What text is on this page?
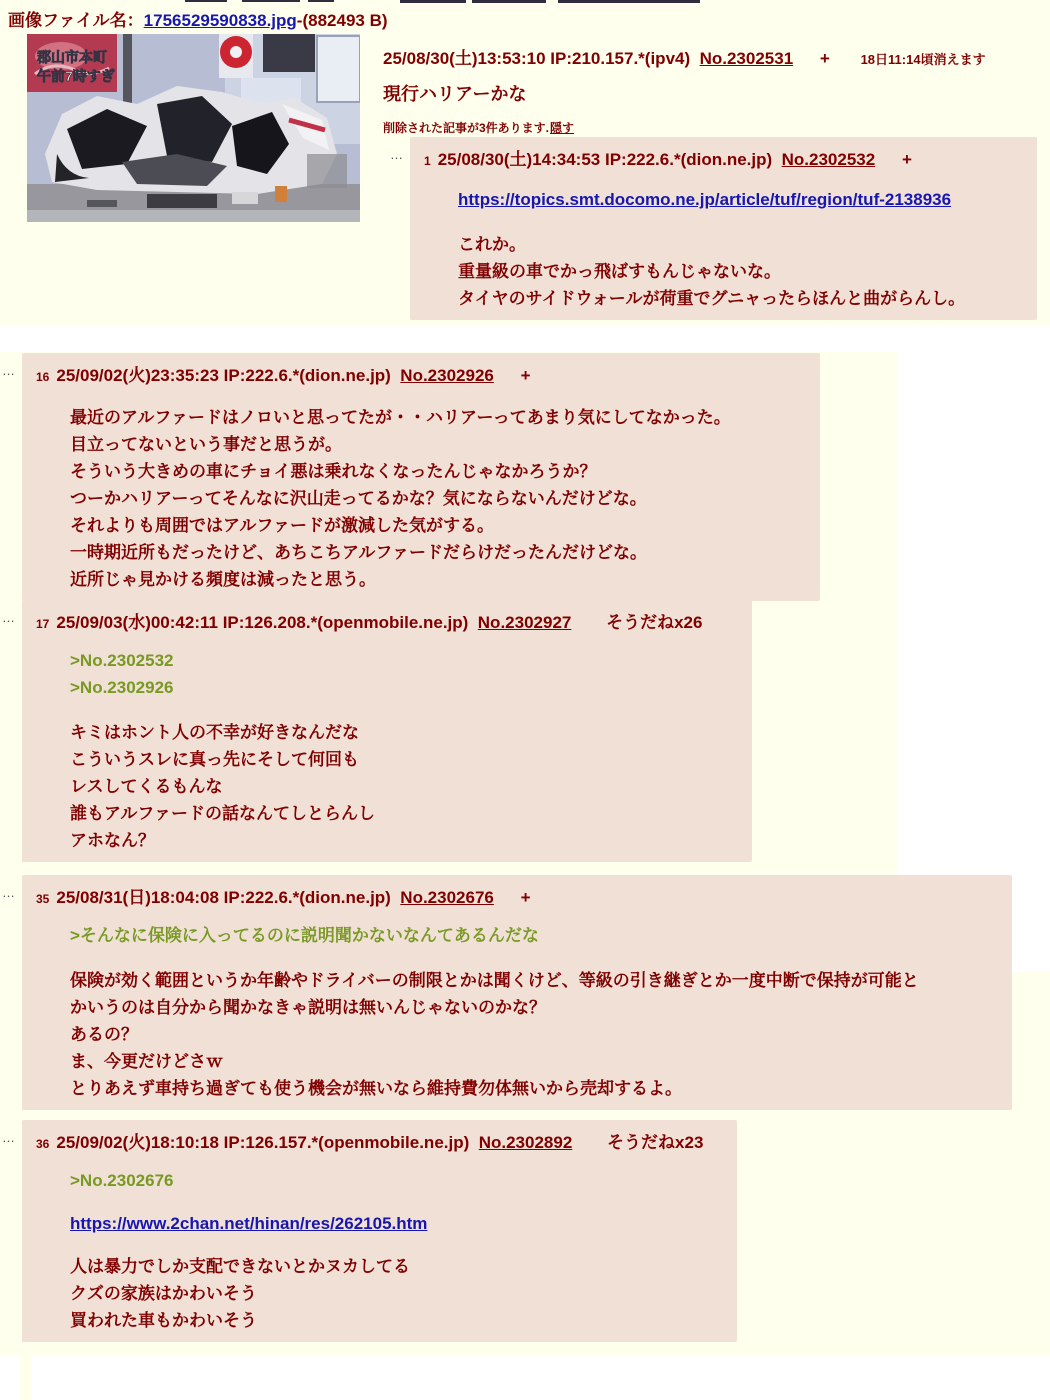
画像ファイル名：1756529590838.jpg-(882493 B)
郡山市本町
午前7時すぎ
25/08/30(土)13:53:10 IP:210.157.*(ipv4) No.2302531 + 18日11:14頃消えます
現行ハリアーかな
削除された記事が3件あります.隠す
… 1 25/08/30(土)14:34:53 IP:222.6.*(dion.ne.jp) No.2302532 +
https://topics.smt.docomo.ne.jp/article/tuf/region/tuf-2138936
これか。
重量級の車でかっ飛ばすもんじゃないな。
タイヤのサイドウォールが荷重でグニャったらほんと曲がらんし。
… 16 25/09/02(火)23:35:23 IP:222.6.*(dion.ne.jp) No.2302926 +
最近のアルファードはノロいと思ってたが・・ハリアーってあまり気にしてなかった。
目立ってないという事だと思うが。
そういう大きめの車にチョイ悪は乗れなくなったんじゃなかろうか？
つーかハリアーってそんなに沢山走ってるかな？気にならないんだけどな。
それよりも周囲ではアルファードが激減した気がする。
一時期近所もだったけど、あちこちアルファードだらけだったんだけどな。
近所じゃ見かける頻度は減ったと思う。
… 17 25/09/03(水)00:42:11 IP:126.208.*(openmobile.ne.jp) No.2302927 そうだねx26
>No.2302532
>No.2302926
キミはホント人の不幸が好きなんだな
こういうスレに真っ先にそして何回も
レスしてくるもんな
誰もアルファードの話なんてしとらんし
アホなん？
… 35 25/08/31(日)18:04:08 IP:222.6.*(dion.ne.jp) No.2302676 +
>そんなに保険に入ってるのに説明聞かないなんてあるんだな
保険が効く範囲というか年齢やドライバーの制限とかは聞くけど、等級の引き継ぎとか一度中断で保持が可能と
かいうのは自分から聞かなきゃ説明は無いんじゃないのかな？
あるの？
ま、今更だけどさｗ
とりあえず車持ち過ぎても使う機会が無いなら維持費勿体無いから売却するよ。
… 36 25/09/02(火)18:10:18 IP:126.157.*(openmobile.ne.jp) No.2302892 そうだねx23
>No.2302676
https://www.2chan.net/hinan/res/262105.htm
人は暴力でしか支配できないとかヌカしてる
クズの家族はかわいそう
買われた車もかわいそう
